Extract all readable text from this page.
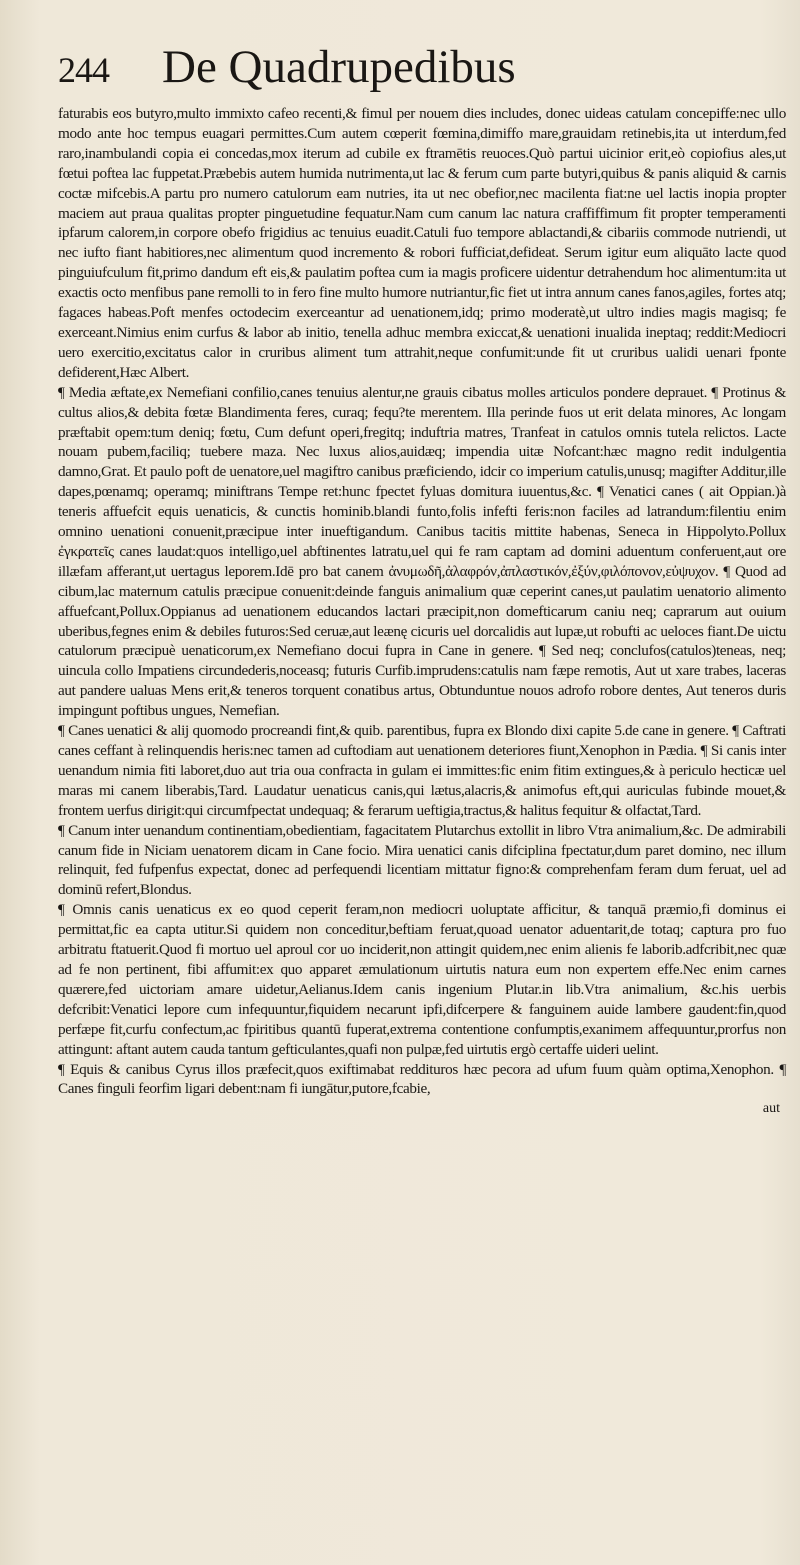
244	De Quadrupedibus

faturabis eos butyro,multo immixto cafeo recenti,& fimul per nouem dies includes, donec uideas catulam concepiffe:nec ullo modo ante hoc tempus euagari permittes.Cum autem cœperit fœmina,dimiffo mare,grauidam retinebis,ita ut interdum,fed raro,inambulandi copia ei concedas,mox iterum ad cubile ex ftramētis reuoces.Quò partui uicinior erit,eò copiofius ales,ut fœtui poftea lac fuppetat.Præbebis autem humida nutrimenta,ut lac & ferum cum parte butyri,quibus & panis aliquid & carnis coctæ mifcebis.A partu pro numero catulorum eam nutries, ita ut nec obefior,nec macilenta fiat:ne uel lactis inopia propter maciem aut praua qualitas propter pinguetudine fequatur.Nam cum canum lac natura craffiffimum fit propter temperamenti ipfarum calorem,in corpore obefo frigidius ac tenuius euadit.Catuli fuo tempore ablactandi,& cibariis commode nutriendi, ut nec iufto fiant habitiores,nec alimentum quod incremento & robori fufficiat,defideat. Serum igitur eum aliquāto lacte quod pinguiufculum fit,primo dandum eft eis,& paulatim poftea cum ia magis proficere uidentur detrahendum hoc alimentum:ita ut exactis octo menfibus pane remolli to in fero fine multo humore nutriantur,fic fiet ut intra annum canes fanos,agiles, fortes atq; fagaces habeas.Poft menfes octodecim exerceantur ad uenationem,idq; primo moderatè,ut ultro indies magis magisq; fe exerceant.Nimius enim curfus & labor ab initio, tenella adhuc membra exiccat,& uenationi inualida ineptaq; reddit:Mediocri uero exercitio,excitatus calor in cruribus aliment tum attrahit,neque confumit:unde fit ut cruribus ualidi uenari fponte defiderent,Hæc Albert.

¶ Media æftate,ex Nemefiani confilio,canes tenuius alentur,ne grauis cibatus molles articulos pondere deprauet. ¶ Protinus & cultus alios,& debita fœtæ Blandimenta feres, curaq; fequ?te merentem. Illa perinde fuos ut erit delata minores, Ac longam præftabit opem:tum deniq; fœtu, Cum defunt operi,fregitq; induftria matres, Tranfeat in catulos omnis tutela relictos. Lacte nouam pubem,faciliq; tuebere maza. Nec luxus alios,auidæq; impendia uitæ Nofcant:hæc magno redit indulgentia damno,Grat. Et paulo poft de uenatore,uel magiftro canibus præficiendo, idcir co imperium catulis,unusq; magifter Additur,ille dapes,pœnamq; operamq; miniftrans Tempe ret:hunc fpectet fyluas domitura iuuentus,&c. ¶ Venatici canes ( ait Oppian.)à teneris affuefcit equis uenaticis, & cunctis hominib.blandi funto,folis infefti feris:non faciles ad latrandum:filentiu enim omnino uenationi conuenit,præcipue inter inueftigandum. Canibus tacitis mittite habenas, Seneca in Hippolyto.Pollux ἐγκρατεῖς canes laudat:quos intelligo,uel abftinentes latratu,uel qui fe ram captam ad domini aduentum conferuent,aut ore illæfam afferant,ut uertagus leporem.Idē pro bat canem ἀνυμωδῆ,ἀλαφρόν,ἀπλαστικόν,ἐξύν,φιλόπονον,εὐψυχον. ¶ Quod ad cibum,lac maternum catulis præcipue conuenit:deinde fanguis animalium quæ ceperint canes,ut paulatim uenatorio alimento affuefcant,Pollux.Oppianus ad uenationem educandos lactari præcipit,non domefticarum caniu neq; caprarum aut ouium uberibus,fegnes enim & debiles futuros:Sed ceruæ,aut leænę cicuris uel dorcalidis aut lupæ,ut robufti ac ueloces fiant.De uictu catulorum præcipuè uenaticorum,ex Nemefiano docui fupra in Cane in genere. ¶ Sed neq; conclufos(catulos)teneas, neq; uincula collo Impatiens circundederis,noceasq; futuris Curfib.imprudens:catulis nam fæpe remotis, Aut ut xare trabes, laceras aut pandere ualuas Mens erit,& teneros torquent conatibus artus, Obtunduntue nouos adrofo robore dentes, Aut teneros duris impingunt poftibus ungues, Nemefian.

¶ Canes uenatici & alij quomodo procreandi fint,& quib. parentibus, fupra ex Blondo dixi capite 5.de cane in genere. ¶ Caftrati canes ceffant à relinquendis heris:nec tamen ad cuftodiam aut uenationem deteriores fiunt,Xenophon in Pædia. ¶ Si canis inter uenandum nimia fiti laboret,duo aut tria oua confracta in gulam ei immittes:fic enim fitim extingues,& à periculo hecticæ uel maras mi canem liberabis,Tard. Laudatur uenaticus canis,qui lætus,alacris,& animofus eft,qui auriculas fubinde mouet,& frontem uerfus dirigit:qui circumfpectat undequaq; & ferarum ueftigia,tractus,& halitus fequitur & olfactat,Tard.

¶ Canum inter uenandum continentiam,obedientiam, fagacitatem Plutarchus extollit in libro Vtra animalium,&c. De admirabili canum fide in Niciam uenatorem dicam in Cane focio. Mira uenatici canis difciplina fpectatur,dum paret domino, nec illum relinquit, fed fufpenfus expectat, donec ad perfequendi licentiam mittatur figno:& comprehenfam feram dum feruat, uel ad dominū refert,Blondus.

¶ Omnis canis uenaticus ex eo quod ceperit feram,non mediocri uoluptate afficitur, & tanquā præmio,fi dominus ei permittat,fic ea capta utitur.Si quidem non conceditur,beftiam feruat,quoad uenator aduentarit,de totaq; captura pro fuo arbitratu ftatuerit.Quod fi mortuo uel aproul cor uo inciderit,non attingit quidem,nec enim alienis fe laborib.adfcribit,nec quæ ad fe non pertinent, fibi affumit:ex quo apparet æmulationum uirtutis natura eum non expertem effe.Nec enim carnes quærere,fed uictoriam amare uidetur,Aelianus.Idem canis ingenium Plutar.in lib.Vtra animalium, &c.his uerbis defcribit:Venatici lepore cum infequuntur,fiquidem necarunt ipfi,difcerpere & fanguinem auide lambere gaudent:fin,quod perfæpe fit,curfu confectum,ac fpiritibus quantū fuperat,extrema contentione confumptis,exanimem affequuntur,prorfus non attingunt: aftant autem cauda tantum gefticulantes,quafi non pulpæ,fed uirtutis ergò certaffe uideri uelint.

¶ Equis & canibus Cyrus illos præfecit,quos exiftimabat reddituros hæc pecora ad ufum fuum quàm optima,Xenophon. ¶ Canes finguli feorfim ligari debent:nam fi iungātur,putore,fcabie,

aut
